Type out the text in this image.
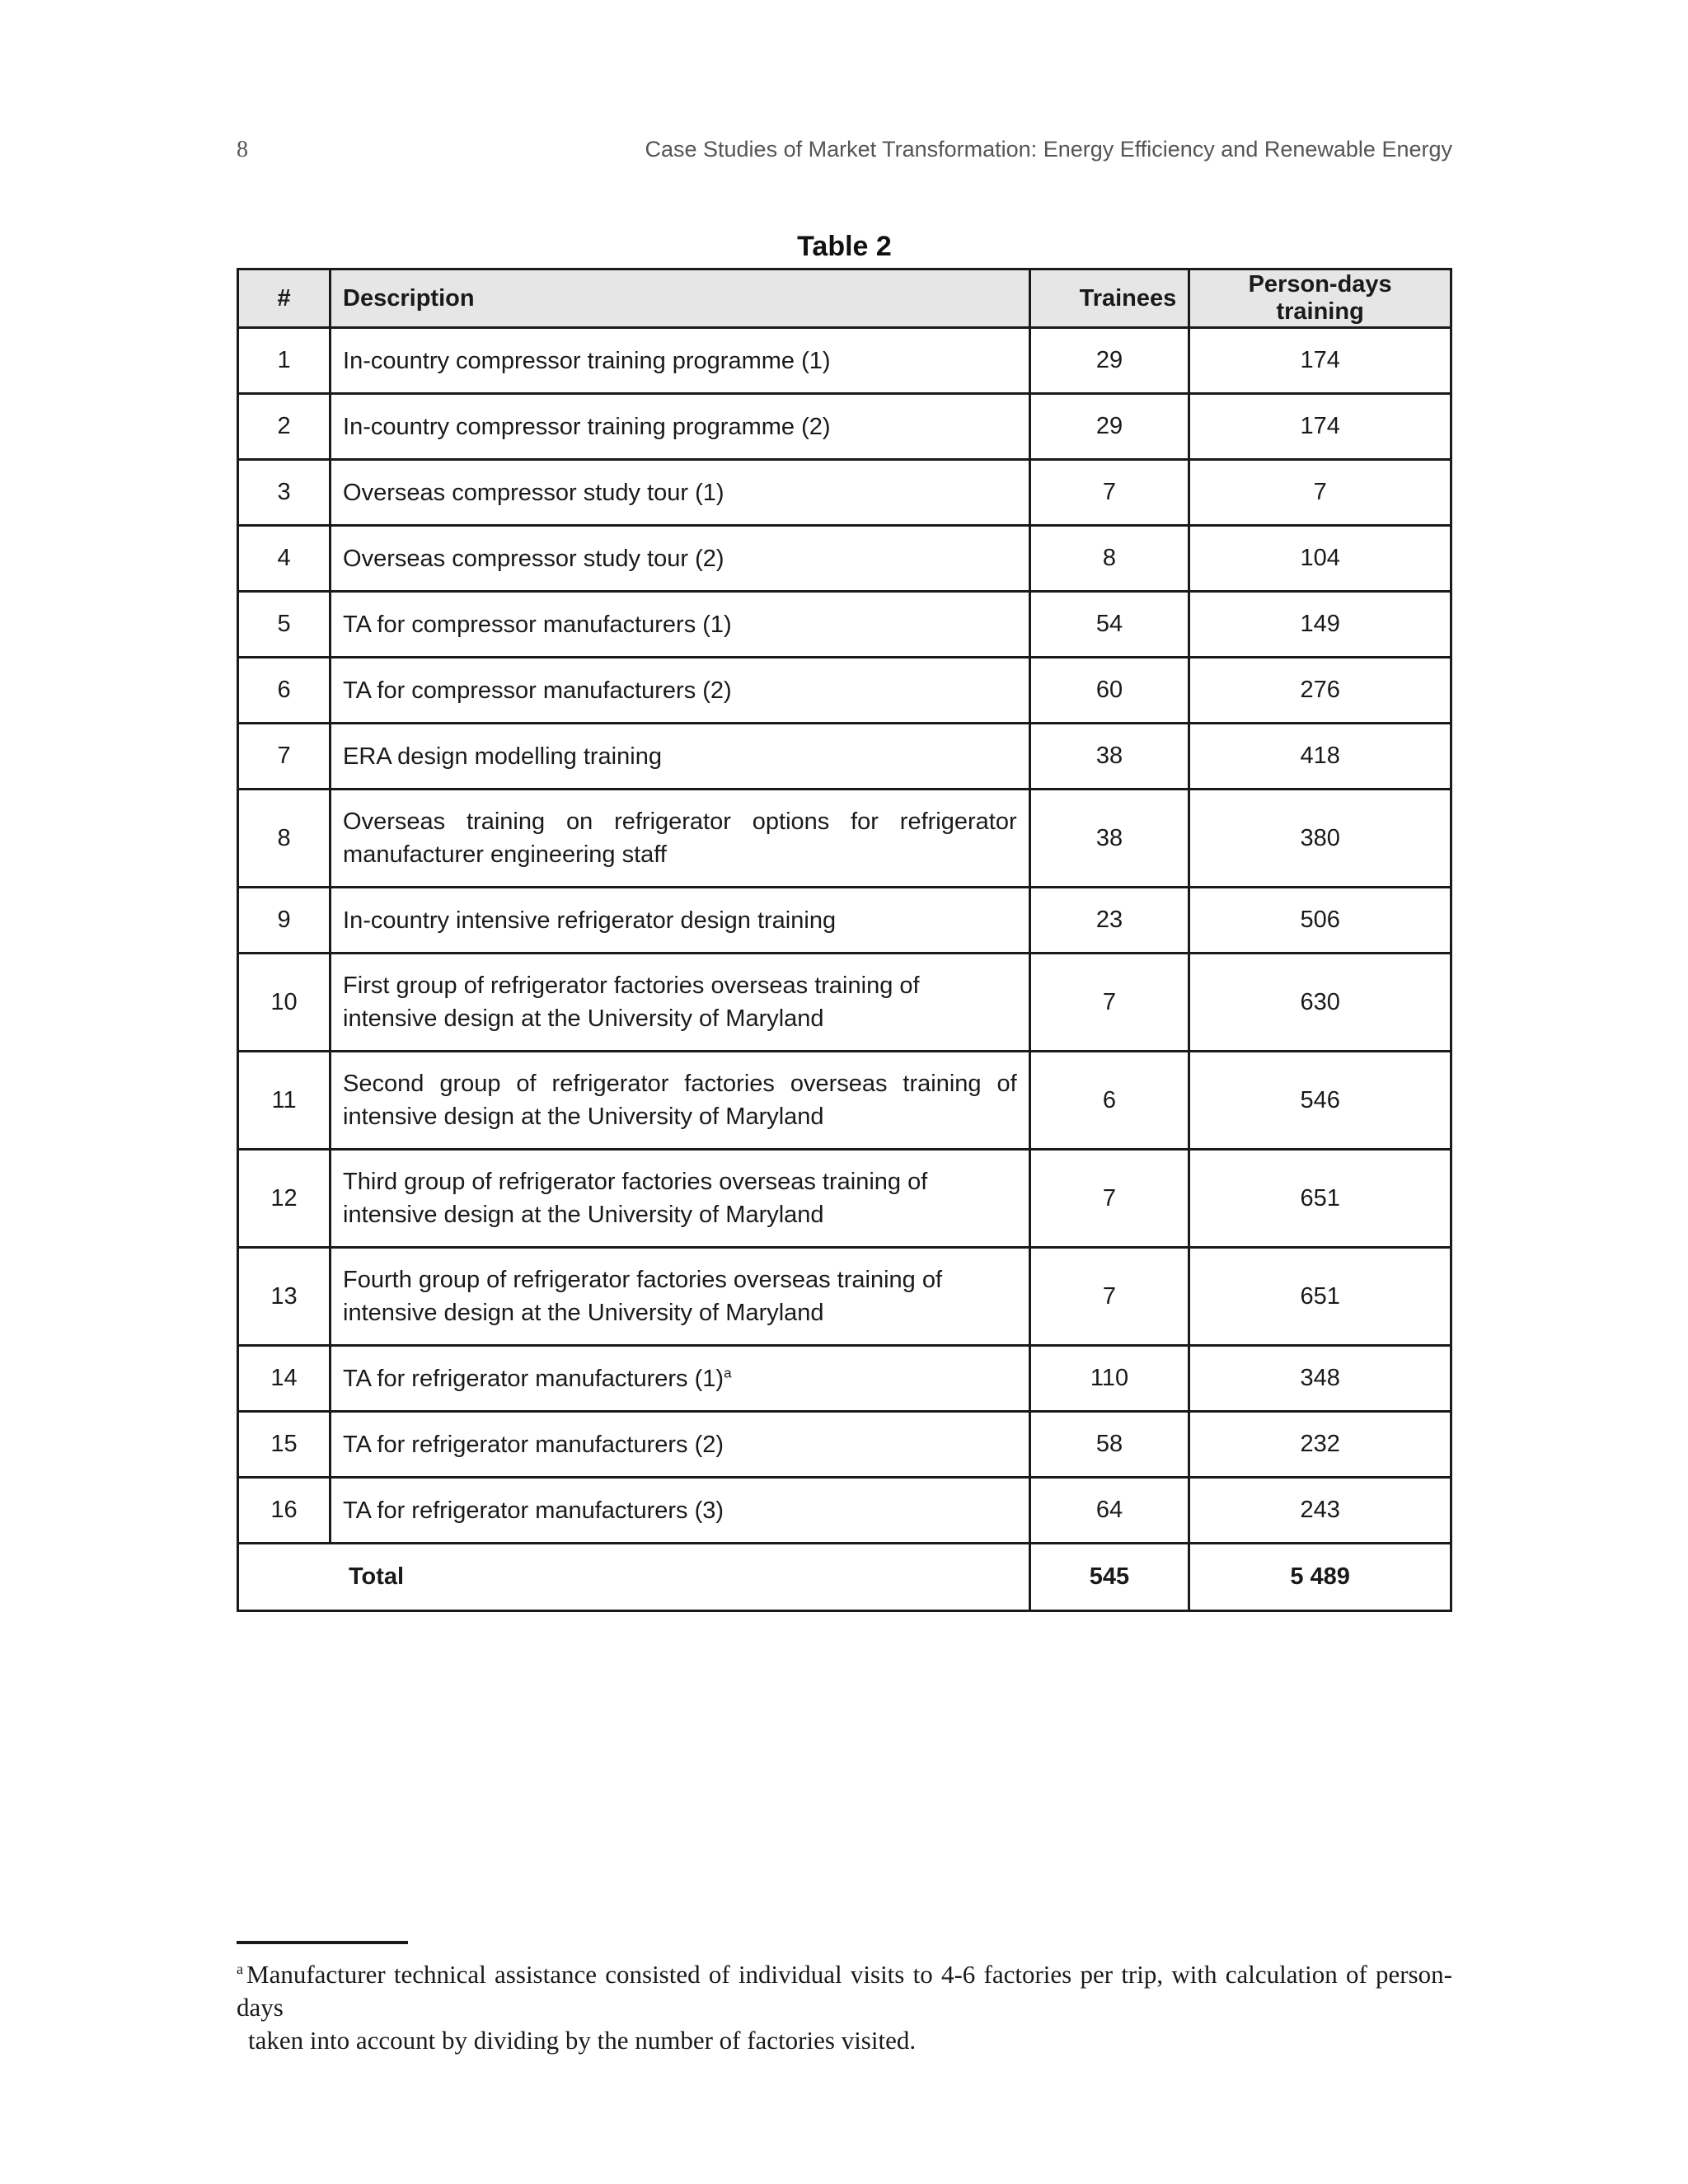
8	Case Studies of Market Transformation: Energy Efficiency and Renewable Energy
Table 2
#	Description	Trainees	Person-days training
1	In-country compressor training programme (1)	29	174
2	In-country compressor training programme (2)	29	174
3	Overseas compressor study tour (1)	7	7
4	Overseas compressor study tour (2)	8	104
5	TA for compressor manufacturers (1)	54	149
6	TA for compressor manufacturers (2)	60	276
7	ERA design modelling training	38	418
8	Overseas training on refrigerator options for refrigerator manufacturer engineering staff	38	380
9	In-country intensive refrigerator design training	23	506
10	First group of refrigerator factories overseas training of intensive design at the University of Maryland	7	630
11	Second group of refrigerator factories overseas training of intensive design at the University of Maryland	6	546
12	Third group of refrigerator factories overseas training of intensive design at the University of Maryland	7	651
13	Fourth group of refrigerator factories overseas training of intensive design at the University of Maryland	7	651
14	TA for refrigerator manufacturers (1)$^a$	110	348
15	TA for refrigerator manufacturers (2)	58	232
16	TA for refrigerator manufacturers (3)	64	243
Total		545	5 489
$^a$ Manufacturer technical assistance consisted of individual visits to 4-6 factories per trip, with calculation of person-days
taken into account by dividing by the number of factories visited.
